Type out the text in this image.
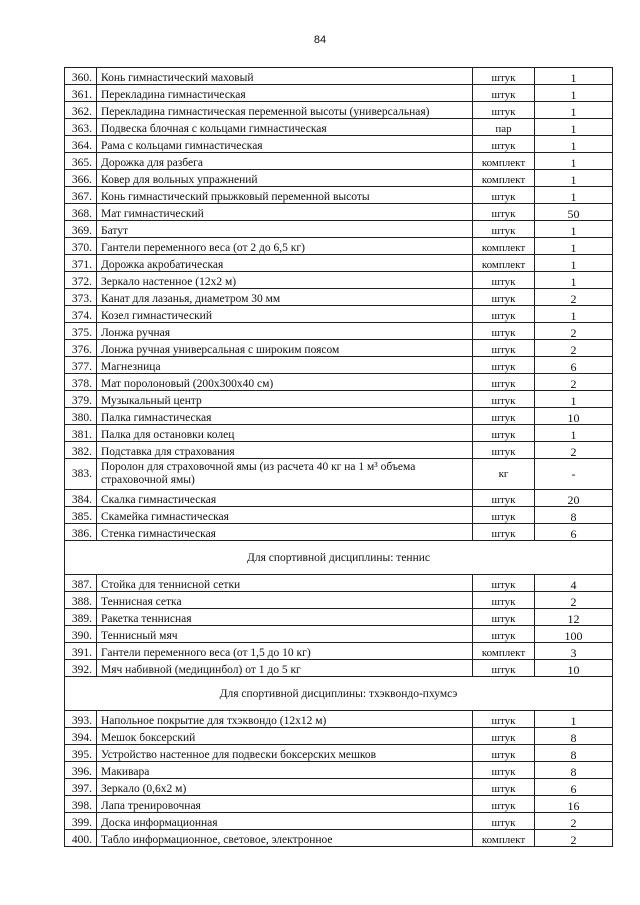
84
360.	Конь гимнастический маховый	штук	1
361.	Перекладина гимнастическая	штук	1
362.	Перекладина гимнастическая переменной высоты (универсальная)	штук	1
363.	Подвеска блочная с кольцами гимнастическая	пар	1
364.	Рама с кольцами гимнастическая	штук	1
365.	Дорожка для разбега	комплект	1
366.	Ковер для вольных упражнений	комплект	1
367.	Конь гимнастический прыжковый переменной высоты	штук	1
368.	Мат гимнастический	штук	50
369.	Батут	штук	1
370.	Гантели переменного веса (от 2 до 6,5 кг)	комплект	1
371.	Дорожка акробатическая	комплект	1
372.	Зеркало настенное (12х2 м)	штук	1
373.	Канат для лазанья, диаметром 30 мм	штук	2
374.	Козел гимнастический	штук	1
375.	Лонжа ручная	штук	2
376.	Лонжа ручная универсальная с широким поясом	штук	2
377.	Магнезница	штук	6
378.	Мат поролоновый (200х300х40 см)	штук	2
379.	Музыкальный центр	штук	1
380.	Палка гимнастическая	штук	10
381.	Палка для остановки колец	штук	1
382.	Подставка для страхования	штук	2
383.	Поролон для страховочной ямы (из расчета 40 кг на 1 м³ объема страховочной ямы)	кг	-
384.	Скалка гимнастическая	штук	20
385.	Скамейка гимнастическая	штук	8
386.	Стенка гимнастическая	штук	6
Для спортивной дисциплины: теннис			
387.	Стойка для теннисной сетки	штук	4
388.	Теннисная сетка	штук	2
389.	Ракетка теннисная	штук	12
390.	Теннисный мяч	штук	100
391.	Гантели переменного веса (от 1,5 до 10 кг)	комплект	3
392.	Мяч набивной (медицинбол) от 1 до 5 кг	штук	10
Для спортивной дисциплины: тхэквондо-пхумсэ			
393.	Напольное покрытие для тхэквондо (12х12 м)	штук	1
394.	Мешок боксерский	штук	8
395.	Устройство настенное для подвески боксерских мешков	штук	8
396.	Макивара	штук	8
397.	Зеркало (0,6х2 м)	штук	6
398.	Лапа тренировочная	штук	16
399.	Доска информационная	штук	2
400.	Табло информационное, световое, электронное	комплект	2
